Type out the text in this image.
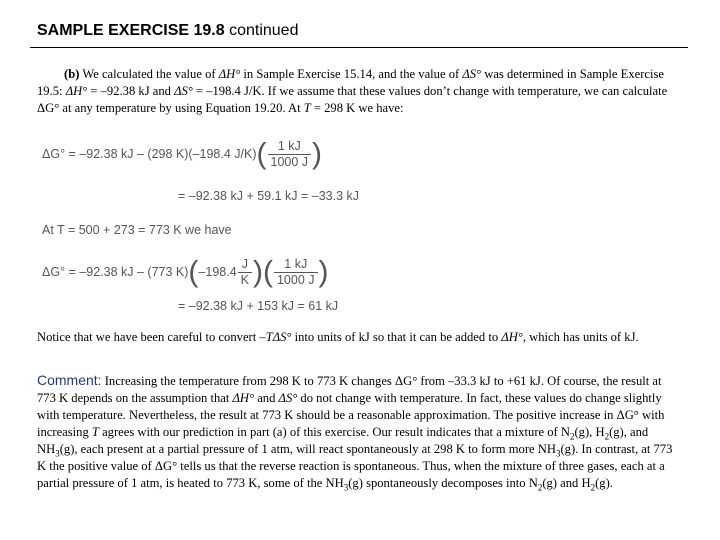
SAMPLE EXERCISE 19.8 continued
(b) We calculated the value of ΔH° in Sample Exercise 15.14, and the value of ΔS° was determined in Sample Exercise 19.5: ΔH° = –92.38 kJ and ΔS° = –198.4 J/K. If we assume that these values don’t change with temperature, we can calculate ΔG° at any temperature by using Equation 19.20. At T = 298 K we have:
ΔG° = –92.38 kJ – (298 K)(–198.4 $J/K)( \frac{1 kJ}{1000 J}$ )
= –92.38 kJ + 59.1 kJ = –33.3 kJ
At T = 500 + 273 = 773 K we have
ΔG° = –92.38 kJ – (773 $K)(-198.4 \frac{J}{K}$ )( $\frac{1 kJ}{1000 J}$ )
= –92.38 kJ + 153 kJ = 61 kJ
Notice that we have been careful to convert –TΔS° into units of kJ so that it can be added to ΔH°, which has units of kJ.
Comment: Increasing the temperature from 298 K to 773 K changes ΔG° from –33.3 kJ to +61 kJ. Of course, the result at 773 K depends on the assumption that ΔH° and ΔS° do not change with temperature. In fact, these values do change slightly with temperature. Nevertheless, the result at 773 K should be a reasonable approximation. The positive increase in ΔG° with increasing T agrees with our prediction in part (a) of this exercise. Our result indicates that a mixture of $N_2(g)$, $H_2(g)$, and $NH_3(g)$, each present at a partial pressure of 1 atm, will react spontaneously at 298 K to form more $NH_3(g)$. In contrast, at 773 K the positive value of ΔG° tells us that the reverse reaction is spontaneous. Thus, when the mixture of three gases, each at a partial pressure of 1 atm, is heated to 773 K, some of the $NH_3(g)$ spontaneously decomposes into $N_2(g)$ and $H_2(g)$.
